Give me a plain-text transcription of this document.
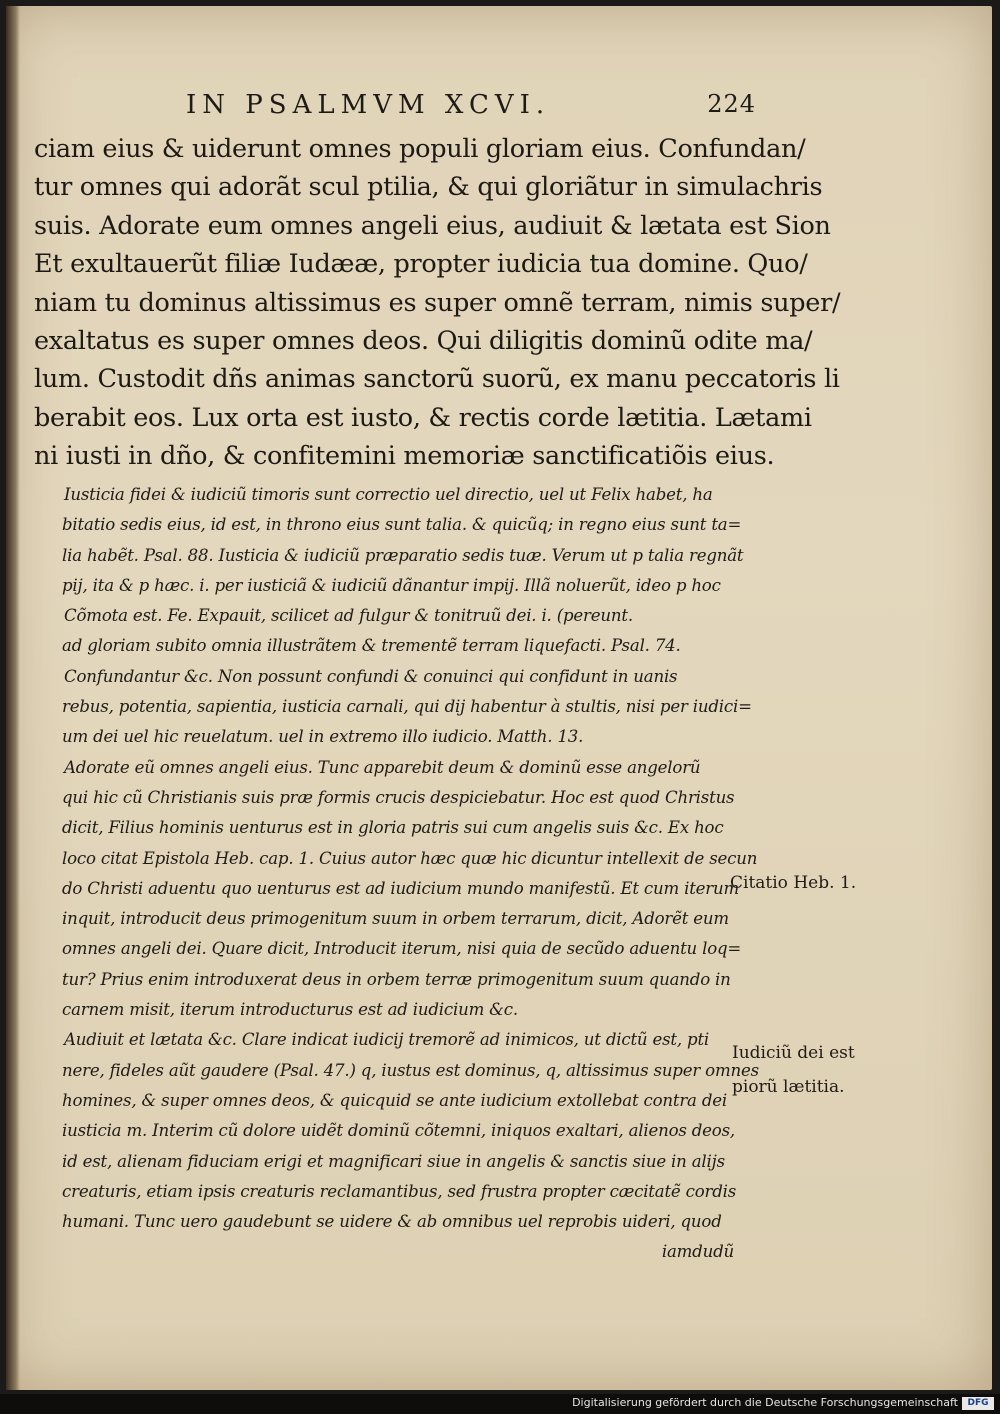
IN PSALMVM XCVI.	224
ciam eius & uiderunt omnes populi gloriam eius. Confundan/
tur omnes qui adorãt scul ptilia, & qui gloriãtur in simulachris
suis. Adorate eum omnes angeli eius, audiuit & lætata est Sion
Et exultauerũt filiæ Iudææ, propter iudicia tua domine. Quo/
niam tu dominus altissimus es super omnẽ terram, nimis super/
exaltatus es super omnes deos. Qui diligitis dominũ odite ma/
lum. Custodit dñs animas sanctorũ suorũ, ex manu peccatoris li
berabit eos. Lux orta est iusto, & rectis corde lætitia. Lætami
ni iusti in dño, & confitemini memoriæ sanctificatiõis eius.
Iusticia fidei & iudiciũ timoris sunt correctio uel directio, uel ut Felix habet, ha
bitatio sedis eius, id est, in throno eius sunt talia. & quicũq; in regno eius sunt ta=
lia habẽt. Psal. 88. Iusticia & iudiciũ præparatio sedis tuæ. Verum ut p talia regnãt
pij, ita & p hæc. i. per iusticiã & iudiciũ dãnantur impij. Illã noluerũt, ideo p hoc
Cõmota est. Fe. Expauit, scilicet ad fulgur & tonitruũ dei. i. (pereunt.
ad gloriam subito omnia illustrãtem & trementẽ terram liquefacti. Psal. 74.
Confundantur &c. Non possunt confundi & conuinci qui confidunt in uanis
rebus, potentia, sapientia, iusticia carnali, qui dij habentur à stultis, nisi per iudici=
um dei uel hic reuelatum. uel in extremo illo iudicio. Matth. 13.
Adorate eũ omnes angeli eius. Tunc apparebit deum & dominũ esse angelorũ
qui hic cũ Christianis suis præ formis crucis despiciebatur. Hoc est quod Christus
dicit, Filius hominis uenturus est in gloria patris sui cum angelis suis &c. Ex hoc
loco citat Epistola Heb. cap. 1. Cuius autor hæc quæ hic dicuntur intellexit de secun
do Christi aduentu quo uenturus est ad iudicium mundo manifestũ. Et cum iterum
inquit, introducit deus primogenitum suum in orbem terrarum, dicit, Adorẽt eum
omnes angeli dei. Quare dicit, Introducit iterum, nisi quia de secũdo aduentu loq=
tur? Prius enim introduxerat deus in orbem terræ primogenitum suum quando in
carnem misit, iterum introducturus est ad iudicium &c.
Audiuit et lætata &c. Clare indicat iudicij tremorẽ ad inimicos, ut dictũ est, pti
nere, fideles aũt gaudere (Psal. 47.) q, iustus est dominus, q, altissimus super omnes
homines, & super omnes deos, & quicquid se ante iudicium extollebat contra dei
iusticia m. Interim cũ dolore uidẽt dominũ cõtemni, iniquos exaltari, alienos deos,
id est, alienam fiduciam erigi et magnificari siue in angelis & sanctis siue in alijs
creaturis, etiam ipsis creaturis reclamantibus, sed frustra propter cæcitatẽ cordis
humani. Tunc uero gaudebunt se uidere & ab omnibus uel reprobis uideri, quod
iamdudũ
Citatio Heb. 1.
Iudiciũ dei est
piorũ lætitia.
Digitalisierung gefördert durch die Deutsche Forschungsgemeinschaft	DFG
